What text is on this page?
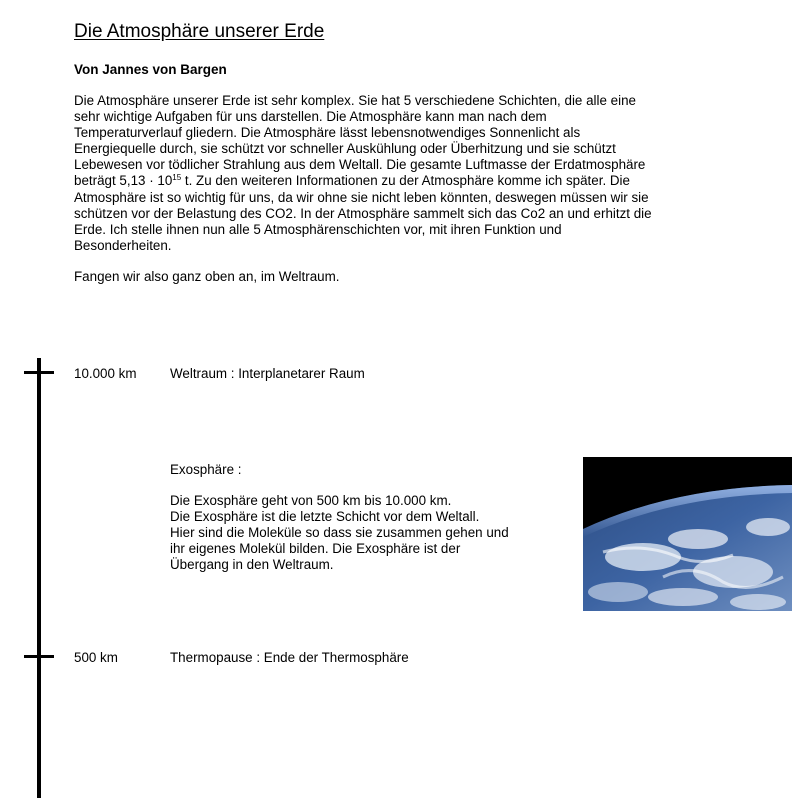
Die Atmosphäre unserer Erde
Von Jannes von Bargen

Die Atmosphäre unserer Erde ist sehr komplex. Sie hat 5 verschiedene Schichten, die alle eine

sehr wichtige Aufgaben für uns darstellen. Die Atmosphäre kann man nach dem

Temperaturverlauf gliedern. Die Atmosphäre lässt lebensnotwendiges Sonnenlicht als

Energiequelle durch, sie schützt vor schneller Auskühlung oder Überhitzung und sie schützt

Lebewesen vor tödlicher Strahlung aus dem Weltall. Die gesamte Luftmasse der Erdatmosphäre

beträgt $5,13 \cdot 10^{15}$ t. Zu den weiteren Informationen zu der Atmosphäre komme ich später. Die

Atmosphäre ist so wichtig für uns, da wir ohne sie nicht leben könnten, deswegen müssen wir sie

schützen vor der Belastung des CO2. In der Atmosphäre sammelt sich das Co2 an und erhitzt die

Erde. Ich stelle ihnen nun alle 5 Atmosphärenschichten vor, mit ihren Funktion und

Besonderheiten.

Fangen wir also ganz oben an, im Weltraum.

10.000 km Weltraum : Interplanetarer Raum

Exosphäre :

Die Exosphäre geht von 500 km bis 10.000 km.

Die Exosphäre ist die letzte Schicht vor dem Weltall.

Hier sind die Moleküle so dass sie zusammen gehen und

ihr eigenes Molekül bilden. Die Exosphäre ist der

Übergang in den Weltraum.

500 km	Thermopause : Ende der Thermosphäre
